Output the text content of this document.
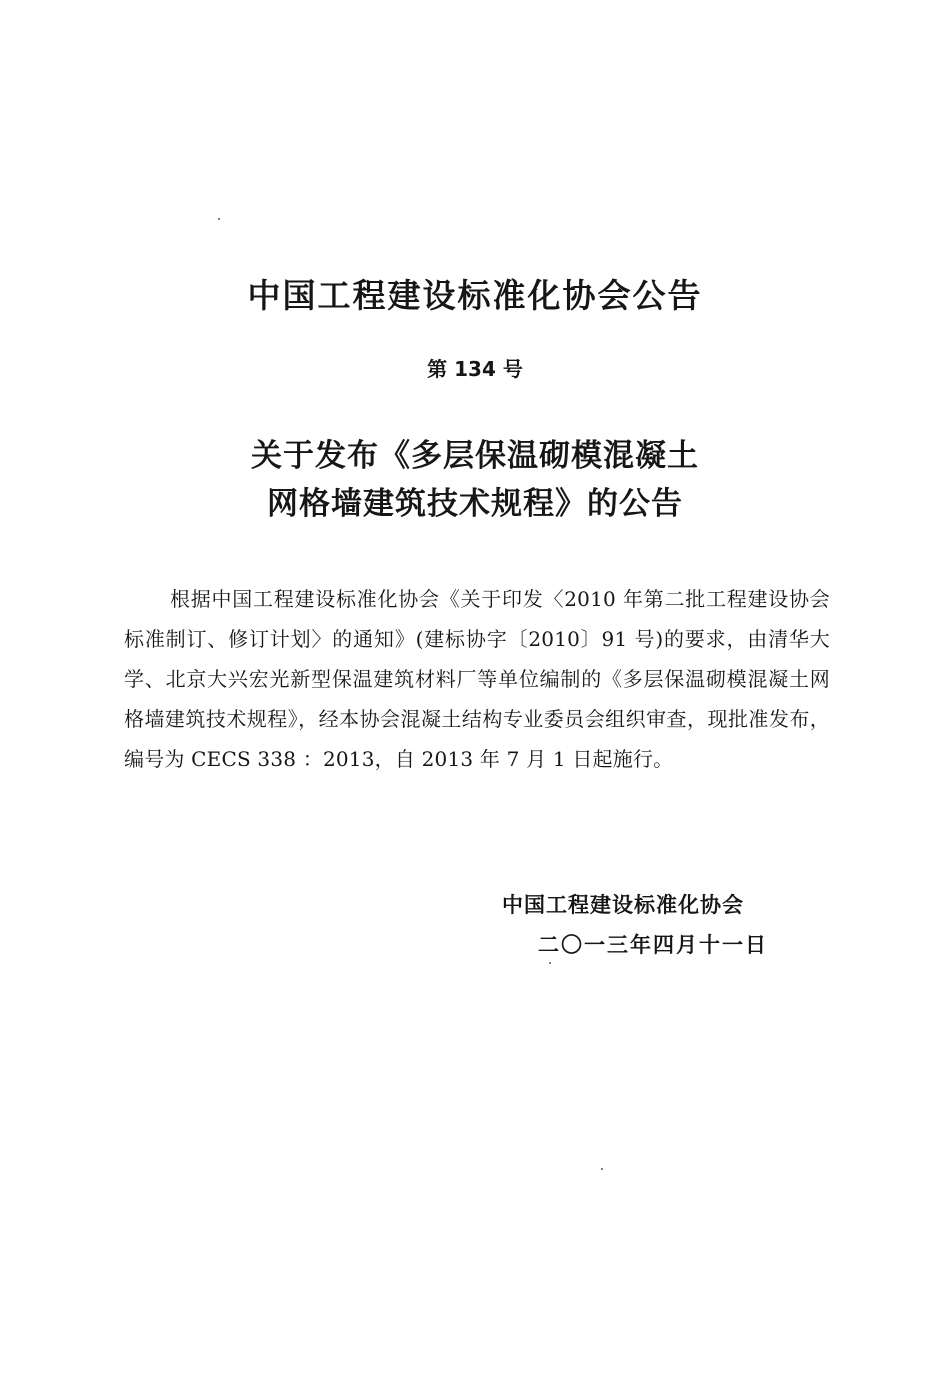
中国工程建设标准化协会公告
第 134 号
关于发布《多层保温砌模混凝土
网格墙建筑技术规程》的公告

根据中国工程建设标准化协会《关于印发〈2010 年第二批工程建设协会标准制订、修订计划〉的通知》(建标协字〔2010〕91 号)的要求，由清华大学、北京大兴宏光新型保温建筑材料厂等单位编制的《多层保温砌模混凝土网格墙建筑技术规程》，经本协会混凝土结构专业委员会组织审查，现批准发布，编号为 CECS 338 ：2013，自 2013 年 7 月 1 日起施行。

中国工程建设标准化协会
二〇一三年四月十一日
